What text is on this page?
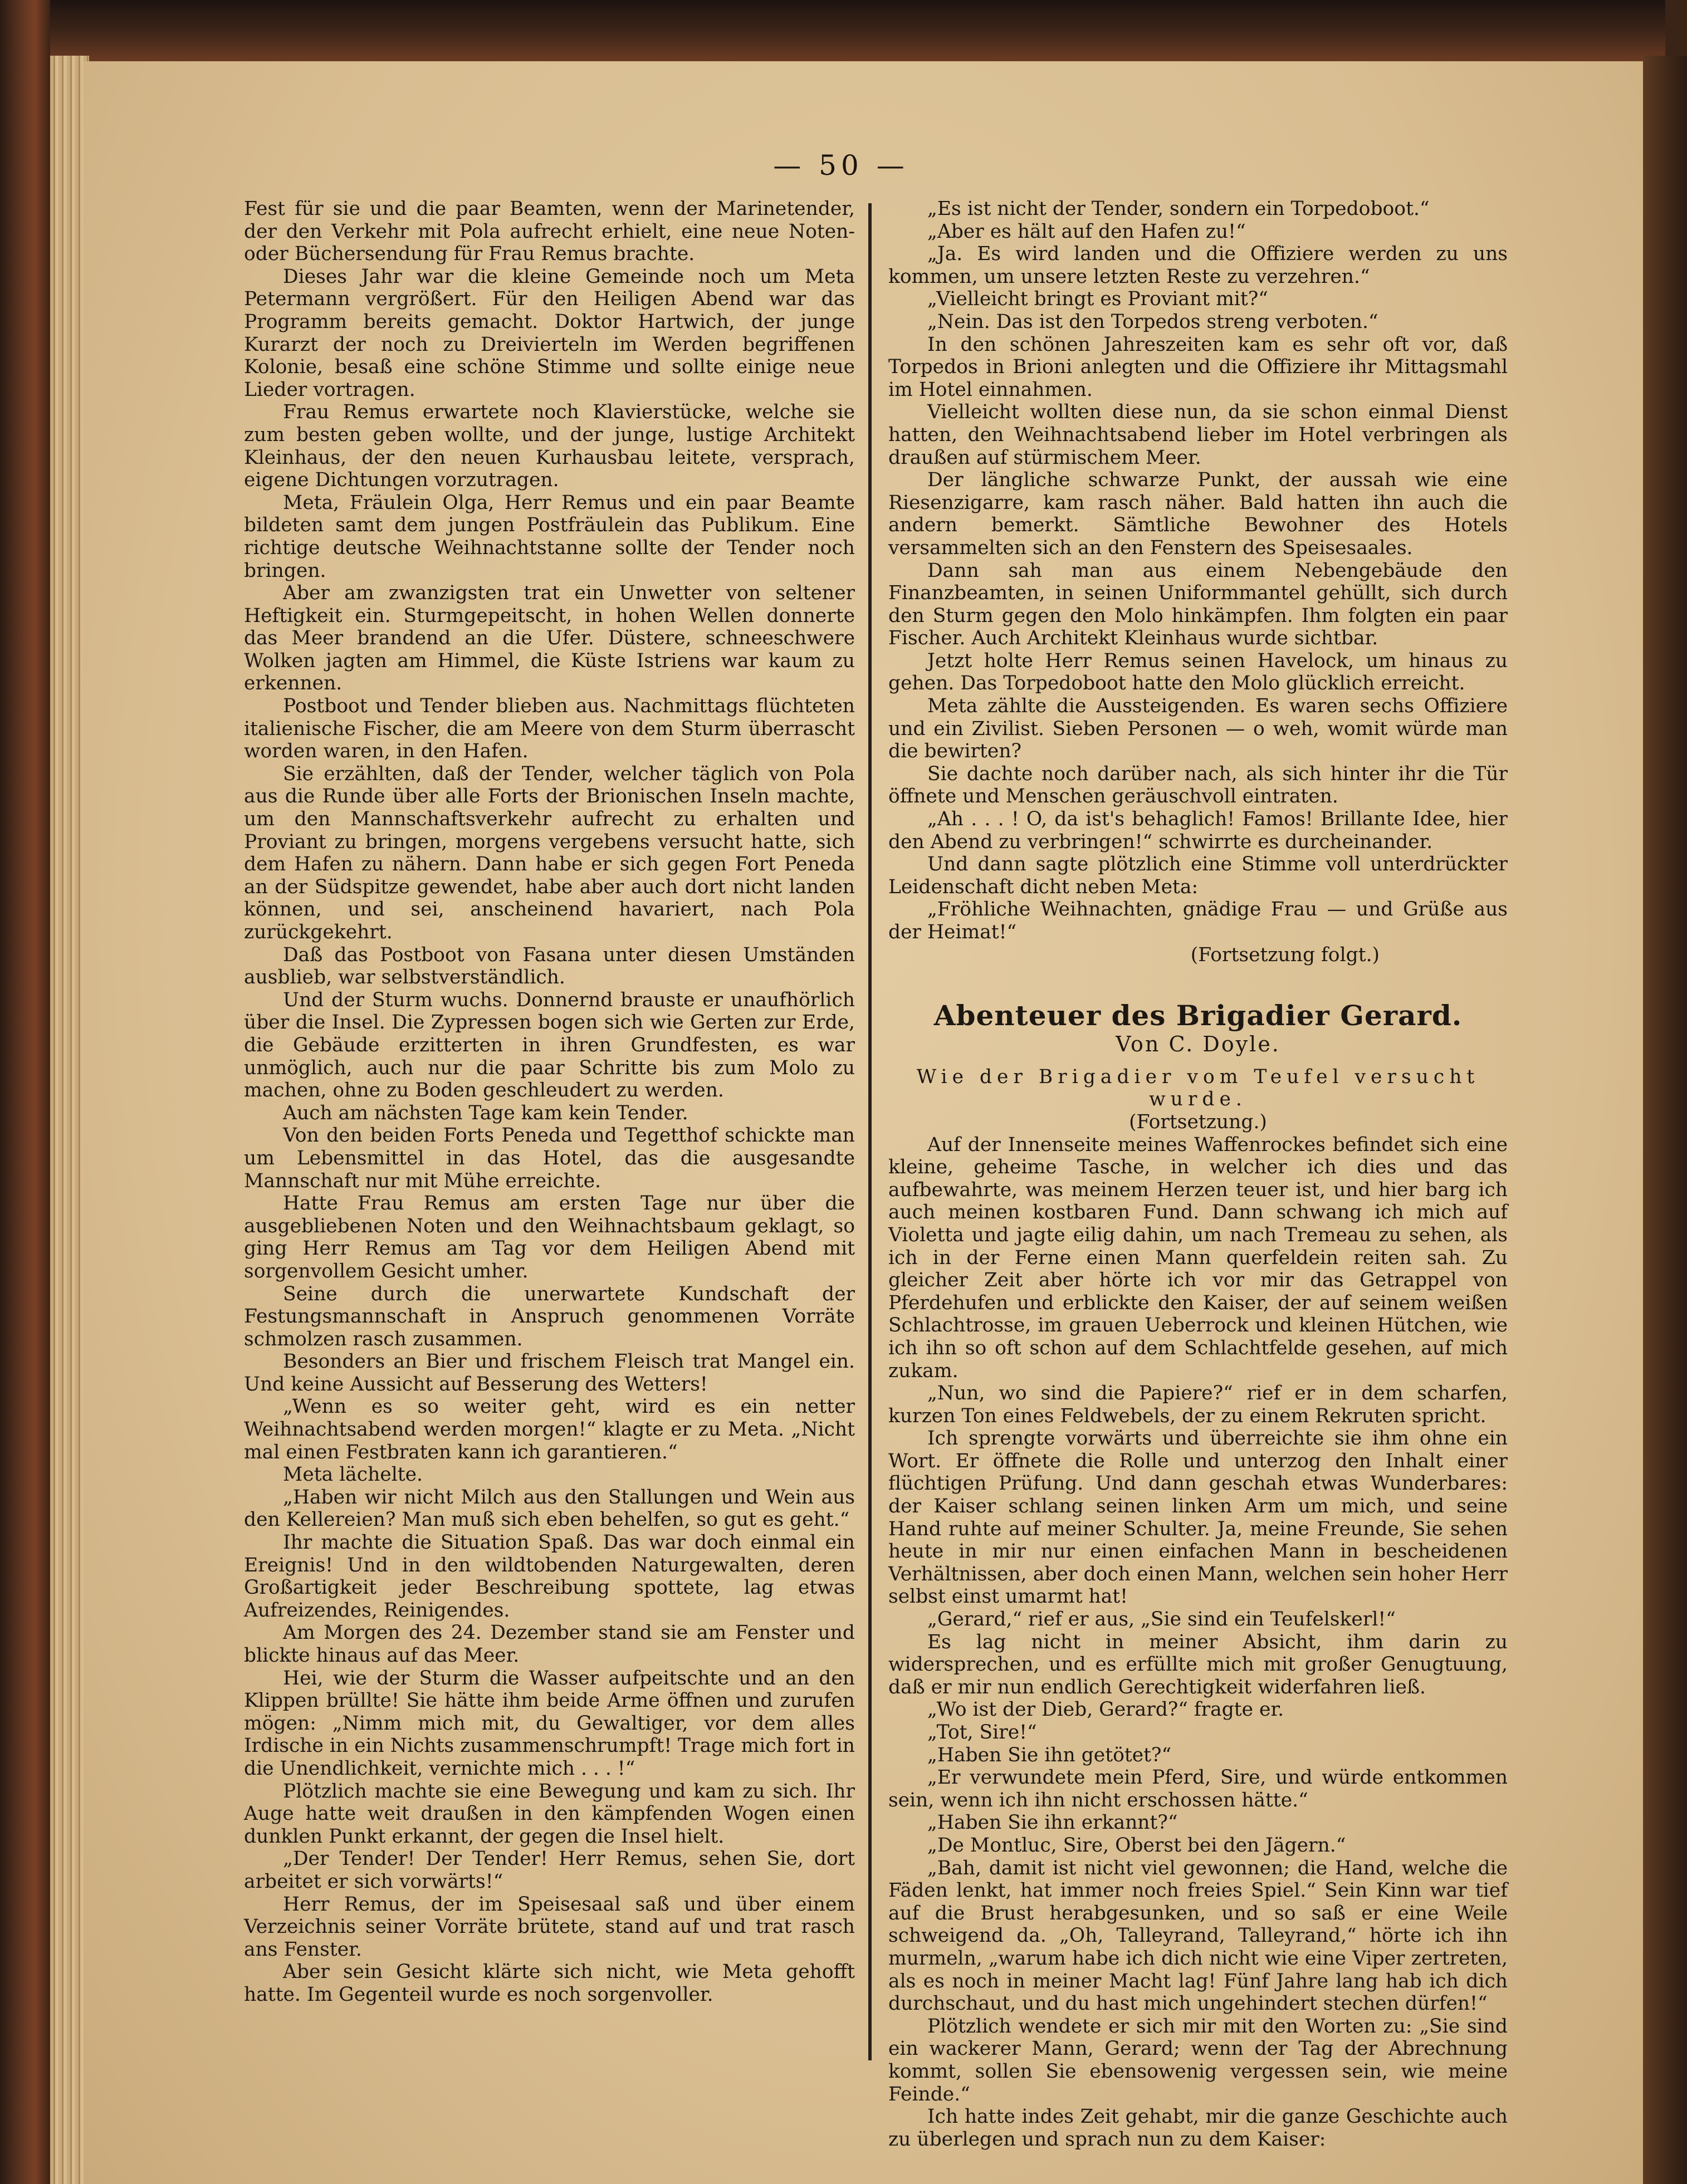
— 50 —

Fest für sie und die paar Beamten, wenn der Marinetender, der den Verkehr mit Pola aufrecht erhielt, eine neue Noten- oder Büchersendung für Frau Remus brachte.

Dieses Jahr war die kleine Gemeinde noch um Meta Petermann vergrößert. Für den Heiligen Abend war das Programm bereits gemacht. Doktor Hartwich, der junge Kurarzt der noch zu Dreivierteln im Werden begriffenen Kolonie, besaß eine schöne Stimme und sollte einige neue Lieder vortragen.

Frau Remus erwartete noch Klavierstücke, welche sie zum besten geben wollte, und der junge, lustige Architekt Kleinhaus, der den neuen Kurhausbau leitete, versprach, eigene Dichtungen vorzutragen.

Meta, Fräulein Olga, Herr Remus und ein paar Beamte bildeten samt dem jungen Postfräulein das Publikum. Eine richtige deutsche Weihnachtstanne sollte der Tender noch bringen.

Aber am zwanzigsten trat ein Unwetter von seltener Heftigkeit ein. Sturmgepeitscht, in hohen Wellen donnerte das Meer brandend an die Ufer. Düstere, schneeschwere Wolken jagten am Himmel, die Küste Istriens war kaum zu erkennen.

Postboot und Tender blieben aus. Nachmittags flüchteten italienische Fischer, die am Meere von dem Sturm überrascht worden waren, in den Hafen.

Sie erzählten, daß der Tender, welcher täglich von Pola aus die Runde über alle Forts der Brionischen Inseln machte, um den Mannschaftsverkehr aufrecht zu erhalten und Proviant zu bringen, morgens vergebens versucht hatte, sich dem Hafen zu nähern. Dann habe er sich gegen Fort Peneda an der Südspitze gewendet, habe aber auch dort nicht landen können, und sei, anscheinend havariert, nach Pola zurückgekehrt.

Daß das Postboot von Fasana unter diesen Umständen ausblieb, war selbstverständlich.

Und der Sturm wuchs. Donnernd brauste er unaufhörlich über die Insel. Die Zypressen bogen sich wie Gerten zur Erde, die Gebäude erzitterten in ihren Grundfesten, es war unmöglich, auch nur die paar Schritte bis zum Molo zu machen, ohne zu Boden geschleudert zu werden.

Auch am nächsten Tage kam kein Tender.

Von den beiden Forts Peneda und Tegetthof schickte man um Lebensmittel in das Hotel, das die ausgesandte Mannschaft nur mit Mühe erreichte.

Hatte Frau Remus am ersten Tage nur über die ausgebliebenen Noten und den Weihnachtsbaum geklagt, so ging Herr Remus am Tag vor dem Heiligen Abend mit sorgenvollem Gesicht umher.

Seine durch die unerwartete Kundschaft der Festungsmannschaft in Anspruch genommenen Vorräte schmolzen rasch zusammen.

Besonders an Bier und frischem Fleisch trat Mangel ein. Und keine Aussicht auf Besserung des Wetters!

„Wenn es so weiter geht, wird es ein netter Weihnachtsabend werden morgen!“ klagte er zu Meta. „Nicht mal einen Festbraten kann ich garantieren.“

Meta lächelte.

„Haben wir nicht Milch aus den Stallungen und Wein aus den Kellereien? Man muß sich eben behelfen, so gut es geht.“

Ihr machte die Situation Spaß. Das war doch einmal ein Ereignis! Und in den wildtobenden Naturgewalten, deren Großartigkeit jeder Beschreibung spottete, lag etwas Aufreizendes, Reinigendes.

Am Morgen des 24. Dezember stand sie am Fenster und blickte hinaus auf das Meer.

Hei, wie der Sturm die Wasser aufpeitschte und an den Klippen brüllte! Sie hätte ihm beide Arme öffnen und zurufen mögen: „Nimm mich mit, du Gewaltiger, vor dem alles Irdische in ein Nichts zusammenschrumpft! Trage mich fort in die Unendlichkeit, vernichte mich . . . !“

Plötzlich machte sie eine Bewegung und kam zu sich. Ihr Auge hatte weit draußen in den kämpfenden Wogen einen dunklen Punkt erkannt, der gegen die Insel hielt.

„Der Tender! Der Tender! Herr Remus, sehen Sie, dort arbeitet er sich vorwärts!“

Herr Remus, der im Speisesaal saß und über einem Verzeichnis seiner Vorräte brütete, stand auf und trat rasch ans Fenster.

Aber sein Gesicht klärte sich nicht, wie Meta gehofft hatte. Im Gegenteil wurde es noch sorgenvoller.

„Es ist nicht der Tender, sondern ein Torpedoboot.“

„Aber es hält auf den Hafen zu!“

„Ja. Es wird landen und die Offiziere werden zu uns kommen, um unsere letzten Reste zu verzehren.“

„Vielleicht bringt es Proviant mit?“

„Nein. Das ist den Torpedos streng verboten.“

In den schönen Jahreszeiten kam es sehr oft vor, daß Torpedos in Brioni anlegten und die Offiziere ihr Mittagsmahl im Hotel einnahmen.

Vielleicht wollten diese nun, da sie schon einmal Dienst hatten, den Weihnachtsabend lieber im Hotel verbringen als draußen auf stürmischem Meer.

Der längliche schwarze Punkt, der aussah wie eine Riesenzigarre, kam rasch näher. Bald hatten ihn auch die andern bemerkt. Sämtliche Bewohner des Hotels versammelten sich an den Fenstern des Speisesaales.

Dann sah man aus einem Nebengebäude den Finanzbeamten, in seinen Uniformmantel gehüllt, sich durch den Sturm gegen den Molo hinkämpfen. Ihm folgten ein paar Fischer. Auch Architekt Kleinhaus wurde sichtbar.

Jetzt holte Herr Remus seinen Havelock, um hinaus zu gehen. Das Torpedoboot hatte den Molo glücklich erreicht.

Meta zählte die Aussteigenden. Es waren sechs Offiziere und ein Zivilist. Sieben Personen — o weh, womit würde man die bewirten?

Sie dachte noch darüber nach, als sich hinter ihr die Tür öffnete und Menschen geräuschvoll eintraten.

„Ah . . . ! O, da ist's behaglich! Famos! Brillante Idee, hier den Abend zu verbringen!“ schwirrte es durcheinander.

Und dann sagte plötzlich eine Stimme voll unterdrückter Leidenschaft dicht neben Meta:

„Fröhliche Weihnachten, gnädige Frau — und Grüße aus der Heimat!“

(Fortsetzung folgt.)

Abenteuer des Brigadier Gerard.

Von C. Doyle.

Wie der Brigadier vom Teufel versucht wurde.

(Fortsetzung.)

Auf der Innenseite meines Waffenrockes befindet sich eine kleine, geheime Tasche, in welcher ich dies und das aufbewahrte, was meinem Herzen teuer ist, und hier barg ich auch meinen kostbaren Fund. Dann schwang ich mich auf Violetta und jagte eilig dahin, um nach Tremeau zu sehen, als ich in der Ferne einen Mann querfeldein reiten sah. Zu gleicher Zeit aber hörte ich vor mir das Getrappel von Pferdehufen und erblickte den Kaiser, der auf seinem weißen Schlachtrosse, im grauen Ueberrock und kleinen Hütchen, wie ich ihn so oft schon auf dem Schlachtfelde gesehen, auf mich zukam.

„Nun, wo sind die Papiere?“ rief er in dem scharfen, kurzen Ton eines Feldwebels, der zu einem Rekruten spricht.

Ich sprengte vorwärts und überreichte sie ihm ohne ein Wort. Er öffnete die Rolle und unterzog den Inhalt einer flüchtigen Prüfung. Und dann geschah etwas Wunderbares: der Kaiser schlang seinen linken Arm um mich, und seine Hand ruhte auf meiner Schulter. Ja, meine Freunde, Sie sehen heute in mir nur einen einfachen Mann in bescheidenen Verhältnissen, aber doch einen Mann, welchen sein hoher Herr selbst einst umarmt hat!

„Gerard,“ rief er aus, „Sie sind ein Teufelskerl!“

Es lag nicht in meiner Absicht, ihm darin zu widersprechen, und es erfüllte mich mit großer Genugtuung, daß er mir nun endlich Gerechtigkeit widerfahren ließ.

„Wo ist der Dieb, Gerard?“ fragte er.

„Tot, Sire!“

„Haben Sie ihn getötet?“

„Er verwundete mein Pferd, Sire, und würde entkommen sein, wenn ich ihn nicht erschossen hätte.“

„Haben Sie ihn erkannt?“

„De Montluc, Sire, Oberst bei den Jägern.“

„Bah, damit ist nicht viel gewonnen; die Hand, welche die Fäden lenkt, hat immer noch freies Spiel.“ Sein Kinn war tief auf die Brust herabgesunken, und so saß er eine Weile schweigend da. „Oh, Talleyrand, Talleyrand,“ hörte ich ihn murmeln, „warum habe ich dich nicht wie eine Viper zertreten, als es noch in meiner Macht lag! Fünf Jahre lang hab ich dich durchschaut, und du hast mich ungehindert stechen dürfen!“

Plötzlich wendete er sich mir mit den Worten zu: „Sie sind ein wackerer Mann, Gerard; wenn der Tag der Abrechnung kommt, sollen Sie ebensowenig vergessen sein, wie meine Feinde.“

Ich hatte indes Zeit gehabt, mir die ganze Geschichte auch zu überlegen und sprach nun zu dem Kaiser:
